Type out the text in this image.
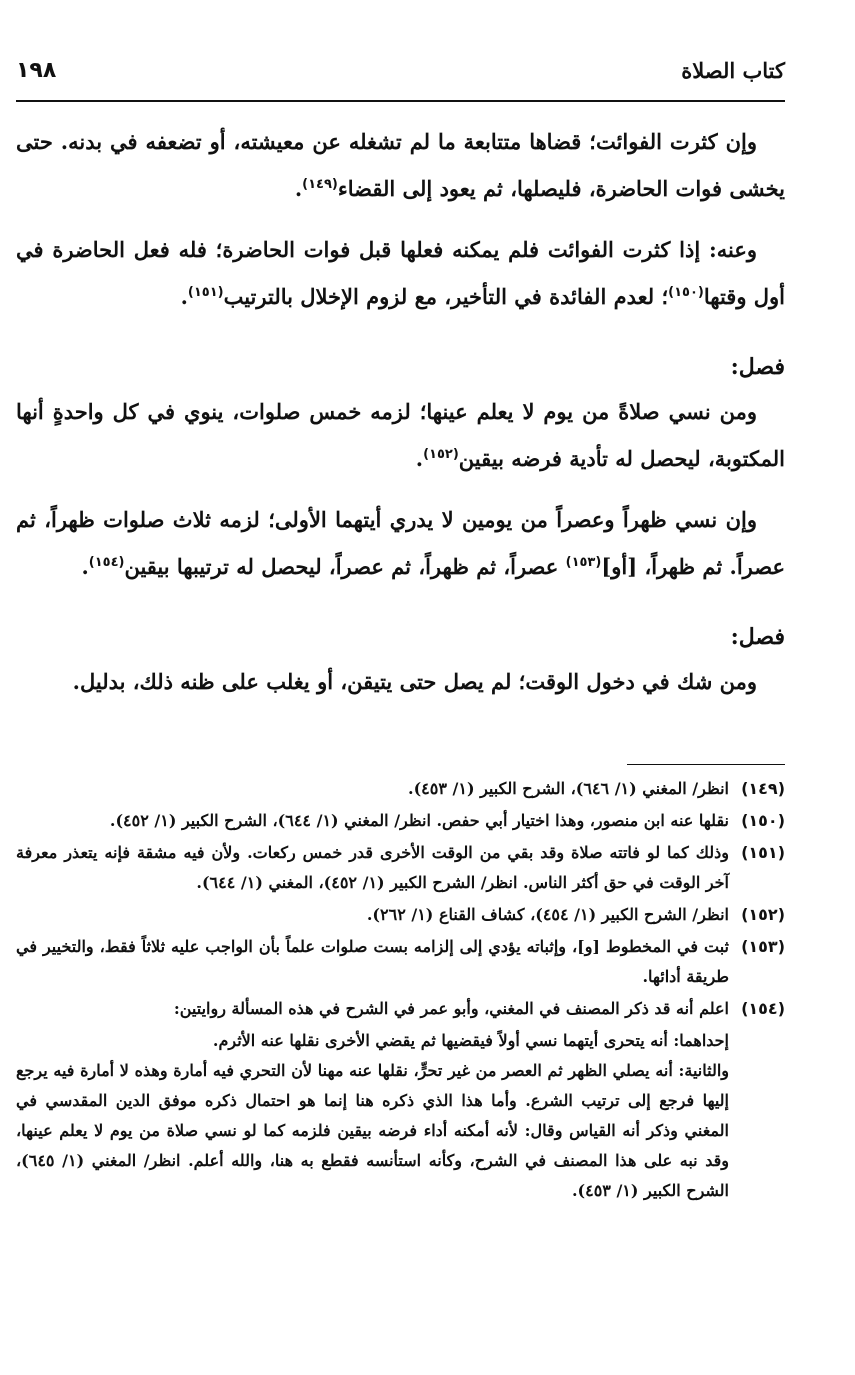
١٩٨	كتاب الصلاة

وإن كثرت الفوائت؛ قضاها متتابعة ما لم تشغله عن معيشته، أو تضعفه في بدنه. حتى يخشى فوات الحاضرة، فليصلها، ثم يعود إلى القضاء$^{(١٤٩)}$.

وعنه: إذا كثرت الفوائت فلم يمكنه فعلها قبل فوات الحاضرة؛ فله فعل الحاضرة في أول وقتها$^{(١٥٠)}$؛ لعدم الفائدة في التأخير، مع لزوم الإخلال بالترتيب$^{(١٥١)}$.

فصل:

ومن نسي صلاةً من يوم لا يعلم عينها؛ لزمه خمس صلوات، ينوي في كل واحدةٍ أنها المكتوبة، ليحصل له تأدية فرضه بيقين$^{(١٥٢)}$.

وإن نسي ظهراً وعصراً من يومين لا يدري أيتهما الأولى؛ لزمه ثلاث صلوات ظهراً، ثم عصراً. ثم ظهراً، [أو]$^{(١٥٣)}$ عصراً، ثم ظهراً، ثم عصراً، ليحصل له ترتيبها بيقين$^{(١٥٤)}$.

فصل:

ومن شك في دخول الوقت؛ لم يصل حتى يتيقن، أو يغلب على ظنه ذلك، بدليل.

(١٤٩)
انظر/ المغني (١/ ٦٤٦)، الشرح الكبير (١/ ٤٥٣).
(١٥٠)
نقلها عنه ابن منصور، وهذا اختيار أبي حفص. انظر/ المغني (١/ ٦٤٤)، الشرح الكبير (١/ ٤٥٢).
(١٥١)
وذلك كما لو فاتته صلاة وقد بقي من الوقت الأخرى قدر خمس ركعات. ولأن فيه مشقة فإنه يتعذر معرفة آخر الوقت في حق أكثر الناس. انظر/ الشرح الكبير (١/ ٤٥٢)، المغني (١/ ٦٤٤).
(١٥٢)
انظر/ الشرح الكبير (١/ ٤٥٤)، كشاف القناع (١/ ٢٦٢).
(١٥٣)
ثبت في المخطوط [و]، وإثباته يؤدي إلى إلزامه بست صلوات علماً بأن الواجب عليه ثلاثاً فقط، والتخيير في طريقة أدائها.
(١٥٤)
اعلم أنه قد ذكر المصنف في المغني، وأبو عمر في الشرح في هذه المسألة روايتين:
إحداهما: أنه يتحرى أيتهما نسي أولاً فيقضيها ثم يقضي الأخرى نقلها عنه الأثرم.
والثانية: أنه يصلي الظهر ثم العصر من غير تحرٍّ، نقلها عنه مهنا لأن التحري فيه أمارة وهذه لا أمارة فيه يرجع إليها فرجع إلى ترتيب الشرع. وأما هذا الذي ذكره هنا إنما هو احتمال ذكره موفق الدين المقدسي في المغني وذكر أنه القياس وقال: لأنه أمكنه أداء فرضه بيقين فلزمه كما لو نسي صلاة من يوم لا يعلم عينها، وقد نبه على هذا المصنف في الشرح، وكأنه استأنسه فقطع به هنا، والله أعلم. انظر/ المغني (١/ ٦٤٥)، الشرح الكبير (١/ ٤٥٣).
